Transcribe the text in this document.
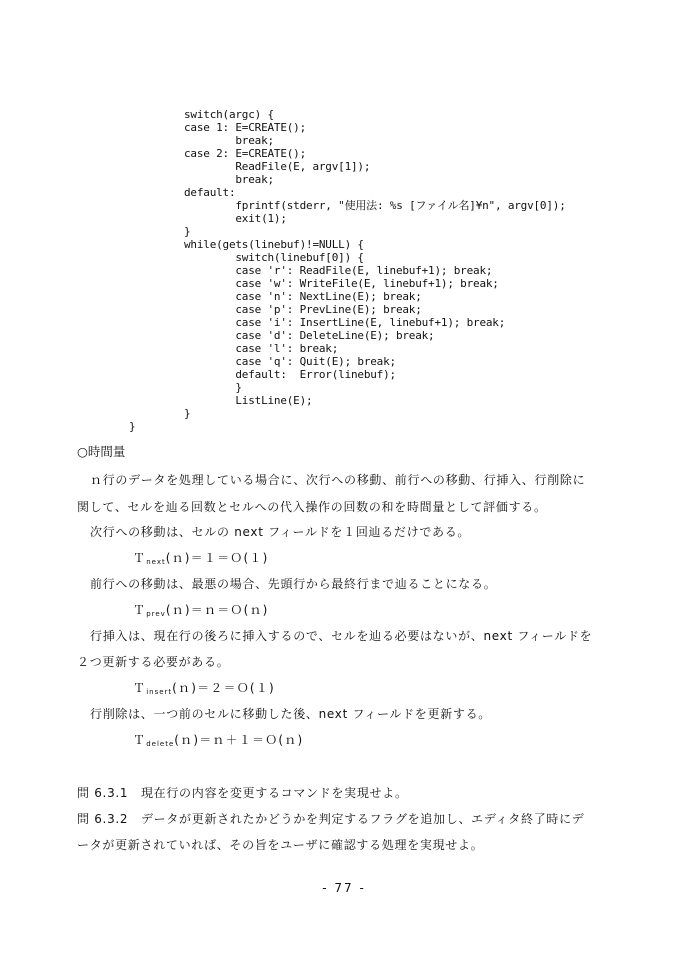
switch(argc) {
case 1: E=CREATE();
break;
case 2: E=CREATE();
ReadFile(E, argv[1]);
break;
default:
fprintf(stderr, "使用法: %s [ファイル名]¥n", argv[0]);
exit(1);
}
while(gets(linebuf)!=NULL) {
switch(linebuf[0]) {
case 'r': ReadFile(E, linebuf+1); break;
case 'w': WriteFile(E, linebuf+1); break;
case 'n': NextLine(E); break;
case 'p': PrevLine(E); break;
case 'i': InsertLine(E, linebuf+1); break;
case 'd': DeleteLine(E); break;
case 'l': break;
case 'q': Quit(E); break;
default:  Error(linebuf);
}
ListLine(E);
}
}
○時間量
ｎ行のデータを処理している場合に、次行への移動、前行への移動、行挿入、行削除に
関して、セルを辿る回数とセルへの代入操作の回数の和を時間量として評価する。
次行への移動は、セルの next フィールドを１回辿るだけである。
Ｔ$_{next}$(ｎ)＝１＝Ｏ(１)
前行への移動は、最悪の場合、先頭行から最終行まで辿ることになる。
Ｔ$_{prev}$(ｎ)＝ｎ＝Ｏ(ｎ)
行挿入は、現在行の後ろに挿入するので、セルを辿る必要はないが、next フィールドを
２つ更新する必要がある。
Ｔ$_{insert}$(ｎ)＝２＝Ｏ(１)
行削除は、一つ前のセルに移動した後、next フィールドを更新する。
Ｔ$_{delete}$(ｎ)＝ｎ＋１＝Ｏ(ｎ)
問 6.3.1　現在行の内容を変更するコマンドを実現せよ。
問 6.3.2　データが更新されたかどうかを判定するフラグを追加し、エディタ終了時にデ
ータが更新されていれば、その旨をユーザに確認する処理を実現せよ。
- 77 -
